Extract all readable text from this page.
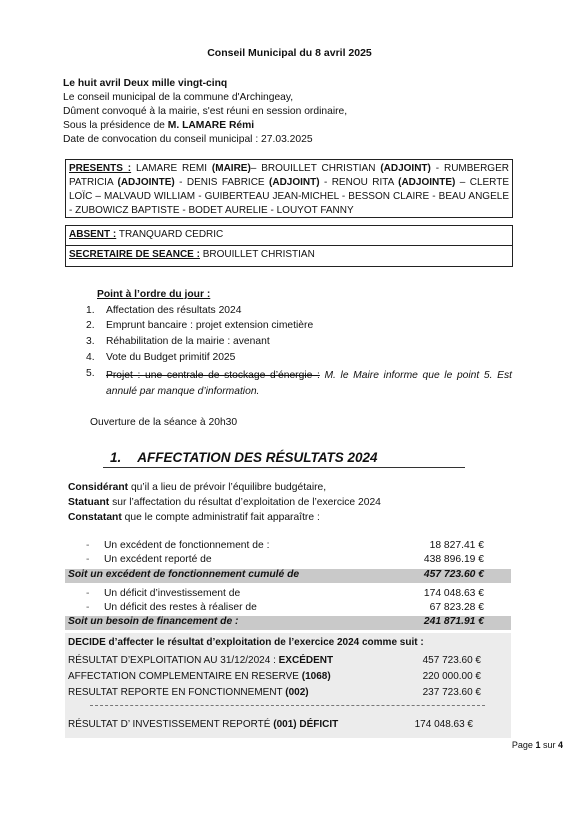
Conseil Municipal du 8 avril 2025
Le huit avril Deux mille vingt-cinq
Le conseil municipal de la commune d'Archingeay,
Dûment convoqué à la mairie, s'est réuni en session ordinaire,
Sous la présidence de M. LAMARE Rémi
Date de convocation du conseil municipal : 27.03.2025
PRESENTS : LAMARE REMI (MAIRE)– BROUILLET CHRISTIAN (ADJOINT) - RUMBERGER PATRICIA (ADJOINTE) - DENIS FABRICE (ADJOINT) - RENOU RITA (ADJOINTE) – CLERTE LOÏC – MALVAUD WILLIAM - GUIBERTEAU JEAN-MICHEL - BESSON CLAIRE - BEAU ANGELE - ZUBOWICZ BAPTISTE - BODET AURELIE - LOUYOT FANNY
ABSENT : TRANQUARD CEDRIC
SECRETAIRE DE SEANCE : BROUILLET CHRISTIAN
Point à l’ordre du jour :
1. Affectation des résultats 2024
2. Emprunt bancaire : projet extension cimetière
3. Réhabilitation de la mairie : avenant
4. Vote du Budget primitif 2025
5. Projet : une centrale de stockage d’énergie : M. le Maire informe que le point 5. Est annulé par manque d’information.
Ouverture de la séance à 20h30
1. AFFECTATION DES RÉSULTATS 2024
Considérant qu’il a lieu de prévoir l’équilibre budgétaire,
Statuant sur l’affectation du résultat d’exploitation de l’exercice 2024
Constatant que le compte administratif fait apparaître :
- Un excédent de fonctionnement de :	18 827.41 €
- Un excédent reporté de	438 896.19 €
Soit un excédent de fonctionnement cumulé de	457 723.60 €
- Un déficit d’investissement de	174 048.63 €
- Un déficit des restes à réaliser de	67 823.28 €
Soit un besoin de financement de :	241 871.91 €
DECIDE d’affecter le résultat d’exploitation de l’exercice 2024 comme suit :
RÉSULTAT D’EXPLOITATION AU 31/12/2024 : EXCÉDENT	457 723.60 €
AFFECTATION COMPLEMENTAIRE EN RESERVE (1068)	220 000.00 €
RESULTAT REPORTE EN FONCTIONNEMENT (002)	237 723.60 €
RÉSULTAT D’ INVESTISSEMENT REPORTÉ (001) DÉFICIT	174 048.63 €
Page 1 sur 4
